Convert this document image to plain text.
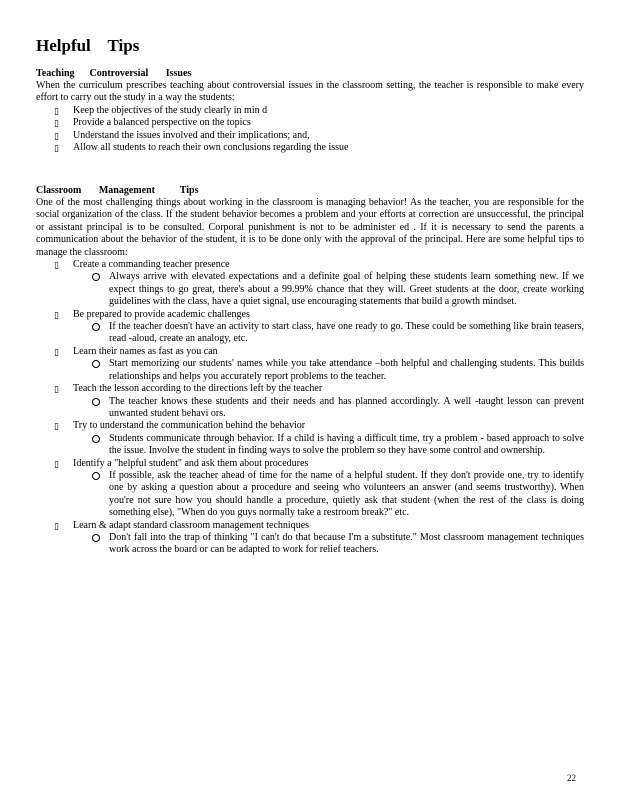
Helpful    Tips

Teaching      Controversial       Issues

When the curriculum prescribes teaching about controversial issues in the classroom setting, the teacher is responsible to make every effort to carry out the study in a way the students:

▯	Keep the objectives of the study clearly in min d
▯	Provide a balanced perspective on the topics
▯	Understand the issues involved and their implications; and,
▯	Allow all students to reach their own conclusions regarding the issue

Classroom       Management          Tips

One of the most challenging things about working in the classroom is managing behavior! As the teacher, you are responsible for the social organization of the class. If the student behavior becomes a problem and your efforts at correction are unsuccessful, the principal or assistant principal is to be consulted. Corporal punishment is not to be administer ed . If it is necessary to send the parents a communication about the behavior of the student, it is to be done only with the approval of the principal. Here are some helpful tips to manage the classroom:

▯	Create a commanding teacher presence
Always arrive with elevated expectations and a definite goal of helping these students learn something new. If we expect things to go great, there's about a 99.99% chance that they will. Greet students at the door, create working guidelines with the class, have a quiet signal, use encouraging statements that build a growth mindset.
▯	Be prepared to provide academic challenges
If the teacher doesn't have an activity to start class, have one ready to go. These could be something like brain teasers, read -aloud, create an analogy, etc.
▯	Learn their names as fast as you can
Start memorizing our students' names while you take attendance –both helpful and challenging students. This builds relationships and helps you accurately report problems to the teacher.
▯	Teach the lesson according to the directions left by the teacher
The teacher knows these students and their needs and has planned accordingly. A well -taught lesson can prevent unwanted student behavi ors.
▯	Try to understand the communication behind the behavior
Students communicate through behavior. If a child is having a difficult time, try a problem - based approach to solve the issue. Involve the student in finding ways to solve the problem so they have some control and ownership.
▯	Identify a "helpful student" and ask them about procedures
If possible, ask the teacher ahead of time for the name of a helpful student. If they don't provide one, try to identify one by asking a question about a procedure and seeing who volunteers an answer (and seems trustworthy). When you're not sure how you should handle a procedure, quietly ask that student (when the rest of the class is doing something else), "When do you guys normally take a restroom break?" etc.
▯	Learn & adapt standard classroom management techniques
Don't fall into the trap of thinking "I can't do that because I'm a substitute." Most classroom management techniques work across the board or can be adapted to work for relief teachers.
22
